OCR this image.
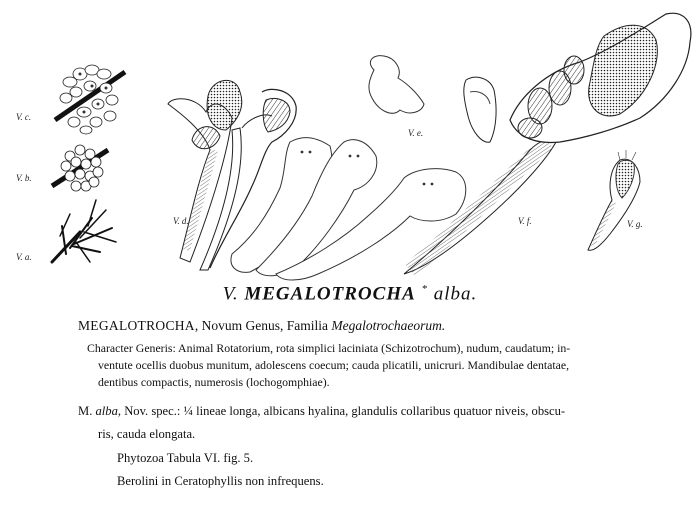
V. c.
V. b.
V. a.
V. d.
V. e.
V. f.	V. g.
V. MEGALOTROCHA * alba.
MEGALOTROCHA, Novum Genus, Familia Megalotrochaeorum.
Character Generis: Animal Rotatorium, rota simplici laciniata (Schizotrochum), nudum, caudatum; in-
ventute ocellis duobus munitum, adolescens coecum; cauda plicatili, unicruri. Mandibulae dentatae,
dentibus compactis, numerosis (lochogomphiae).
M. alba, Nov. spec.: ¼ lineae longa, albicans hyalina, glandulis collaribus quatuor niveis, obscu-
ris, cauda elongata.
Phytozoa Tabula VI. fig. 5.
Berolini in Ceratophyllis non infrequens.
